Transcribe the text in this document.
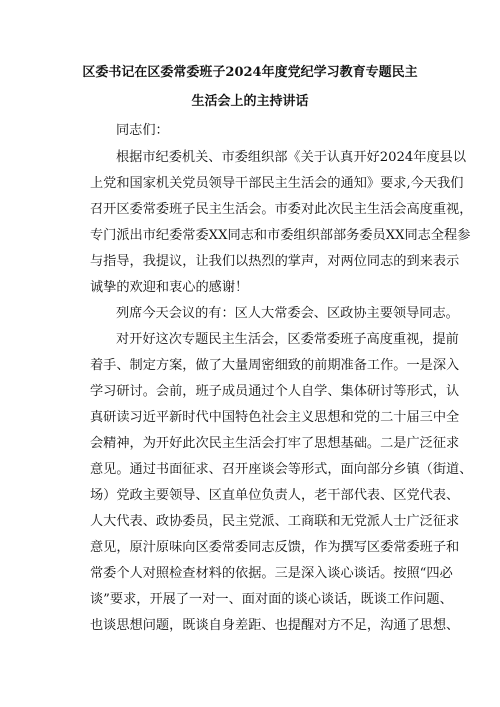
区委书记在区委常委班子2024年度党纪学习教育专题民主
生活会上的主持讲话
同志们：
根据市纪委机关、市委组织部《关于认真开好2024年度县以
上党和国家机关党员领导干部民主生活会的通知》要求,今天我们
召开区委常委班子民主生活会。市委对此次民主生活会高度重视，
专门派出市纪委常委XX同志和市委组织部部务委员XX同志全程参
与指导，我提议，让我们以热烈的掌声，对两位同志的到来表示
诚挚的欢迎和衷心的感谢！
列席今天会议的有：区人大常委会、区政协主要领导同志。
对开好这次专题民主生活会，区委常委班子高度重视，提前
着手、制定方案，做了大量周密细致的前期准备工作。一是深入
学习研讨。会前，班子成员通过个人自学、集体研讨等形式，认
真研读习近平新时代中国特色社会主义思想和党的二十届三中全
会精神，为开好此次民主生活会打牢了思想基础。二是广泛征求
意见。通过书面征求、召开座谈会等形式，面向部分乡镇（街道、
场）党政主要领导、区直单位负责人，老干部代表、区党代表、
人大代表、政协委员，民主党派、工商联和无党派人士广泛征求
意见，原汁原味向区委常委同志反馈，作为撰写区委常委班子和
常委个人对照检查材料的依据。三是深入谈心谈话。按照“四必
谈”要求，开展了一对一、面对面的谈心谈话，既谈工作问题、
也谈思想问题，既谈自身差距、也提醒对方不足，沟通了思想、
